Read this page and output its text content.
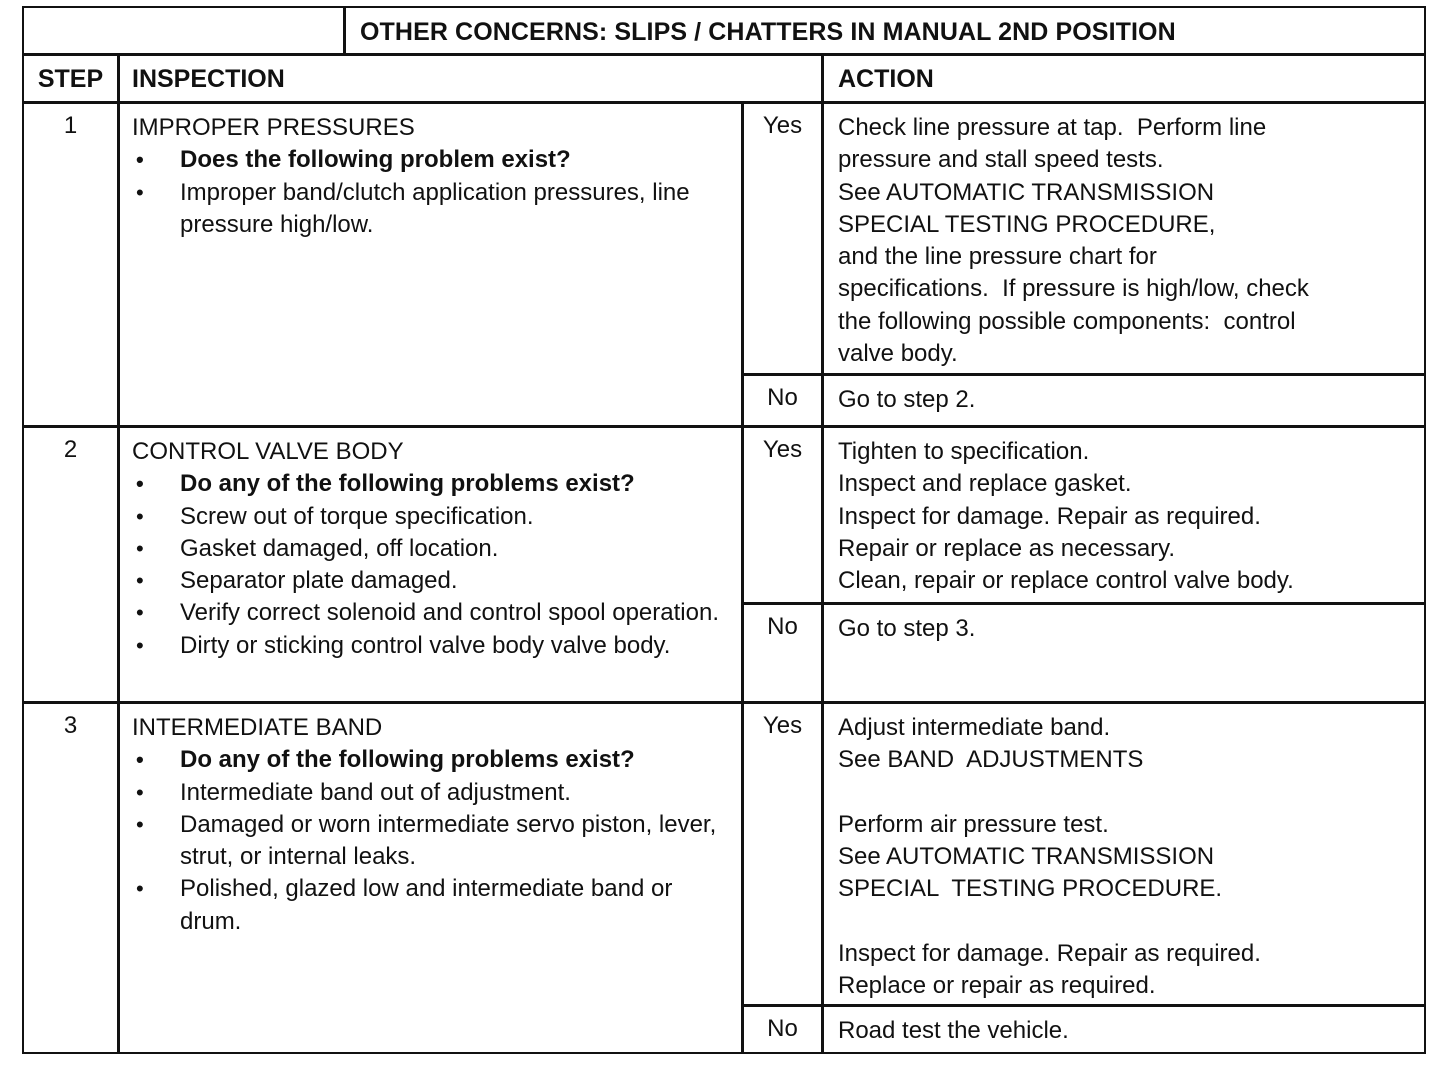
OTHER CONCERNS: SLIPS / CHATTERS IN MANUAL 2ND POSITION
STEP	INSPECTION	ACTION
1	IMPROPER PRESSURES
• Does the following problem exist?
• Improper band/clutch application pressures, line pressure high/low.
Yes	Check line pressure at tap.  Perform line
pressure and stall speed tests.
See AUTOMATIC TRANSMISSION
SPECIAL TESTING PROCEDURE,
and the line pressure chart for
specifications.  If pressure is high/low, check
the following possible components:  control
valve body.
No	Go to step 2.
2	CONTROL VALVE BODY
• Do any of the following problems exist?
• Screw out of torque specification.
• Gasket damaged, off location.
• Separator plate damaged.
• Verify correct solenoid and control spool operation.
• Dirty or sticking control valve body valve body.
Yes	Tighten to specification.
Inspect and replace gasket.
Inspect for damage. Repair as required.
Repair or replace as necessary.
Clean, repair or replace control valve body.
No	Go to step 3.
3	INTERMEDIATE BAND
• Do any of the following problems exist?
• Intermediate band out of adjustment.
• Damaged or worn intermediate servo piston, lever, strut, or internal leaks.
• Polished, glazed low and intermediate band or drum.
Yes	Adjust intermediate band.
See BAND  ADJUSTMENTS
Perform air pressure test.
See AUTOMATIC TRANSMISSION
SPECIAL  TESTING PROCEDURE.
Inspect for damage. Repair as required.
Replace or repair as required.
No	Road test the vehicle.
